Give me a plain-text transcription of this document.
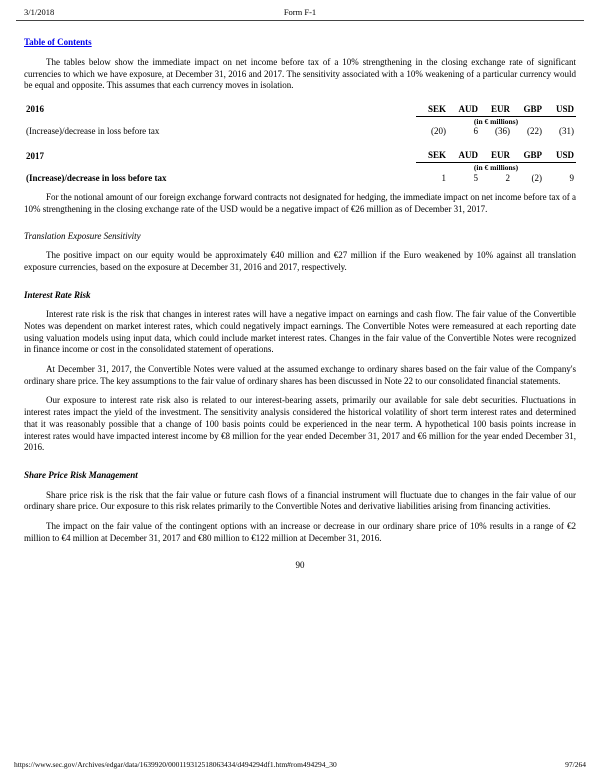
3/1/2018	Form F-1
Table of Contents

The tables below show the immediate impact on net income before tax of a 10% strengthening in the closing exchange rate of significant currencies to which we have exposure, at December 31, 2016 and 2017. The sensitivity associated with a 10% weakening of a particular currency would be equal and opposite. This assumes that each currency moves in isolation.

2016	SEK	AUD	EUR	GBP	USD
	(in € millions)				
(Increase)/decrease in loss before tax	(20)	6	(36)	(22)	(31)
2017	SEK	AUD	EUR	GBP	USD
	(in € millions)				
(Increase)/decrease in loss before tax	1	5	2	(2)	9

For the notional amount of our foreign exchange forward contracts not designated for hedging, the immediate impact on net income before tax of a 10% strengthening in the closing exchange rate of the USD would be a negative impact of €26 million as of December 31, 2017.

Translation Exposure Sensitivity

The positive impact on our equity would be approximately €40 million and €27 million if the Euro weakened by 10% against all translation exposure currencies, based on the exposure at December 31, 2016 and 2017, respectively.

Interest Rate Risk

Interest rate risk is the risk that changes in interest rates will have a negative impact on earnings and cash flow. The fair value of the Convertible Notes was dependent on market interest rates, which could negatively impact earnings. The Convertible Notes were remeasured at each reporting date using valuation models using input data, which could include market interest rates. Changes in the fair value of the Convertible Notes were recognized in finance income or cost in the consolidated statement of operations.

At December 31, 2017, the Convertible Notes were valued at the assumed exchange to ordinary shares based on the fair value of the Company's ordinary share price. The key assumptions to the fair value of ordinary shares has been discussed in Note 22 to our consolidated financial statements.

Our exposure to interest rate risk also is related to our interest-bearing assets, primarily our available for sale debt securities. Fluctuations in interest rates impact the yield of the investment. The sensitivity analysis considered the historical volatility of short term interest rates and determined that it was reasonably possible that a change of 100 basis points could be experienced in the near term. A hypothetical 100 basis points increase in interest rates would have impacted interest income by €8 million for the year ended December 31, 2017 and €6 million for the year ended December 31, 2016.

Share Price Risk Management

Share price risk is the risk that the fair value or future cash flows of a financial instrument will fluctuate due to changes in the fair value of our ordinary share price. Our exposure to this risk relates primarily to the Convertible Notes and derivative liabilities arising from financing activities.

The impact on the fair value of the contingent options with an increase or decrease in our ordinary share price of 10% results in a range of €2 million to €4 million at December 31, 2017 and €80 million to €122 million at December 31, 2016.

90
https://www.sec.gov/Archives/edgar/data/1639920/000119312518063434/d494294df1.htm#rom494294_30	97/264
